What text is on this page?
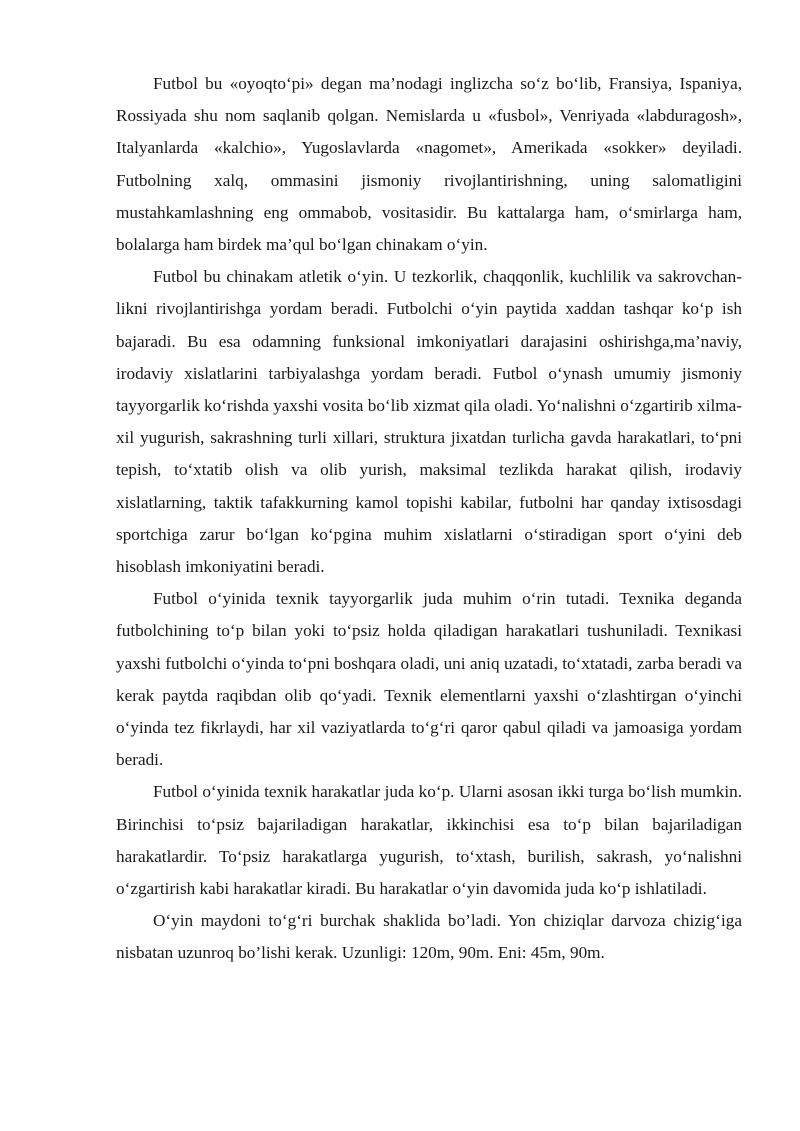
Futbol bu «oyoqto‘pi» degan ma’nodagi inglizcha so‘z bo‘lib, Fransiya, Ispaniya, Rossiyada shu nom saqlanib qolgan. Nemislarda u «fusbol», Venriyada «labduragosh», Italyanlarda «kalchio», Yugoslavlarda «nagomet», Amerikada «sokker» deyiladi. Futbolning xalq, ommasini jismoniy rivojlantirishning, uning salomatligini mustahkamlashning eng ommabob, vositasidir. Bu kattalarga ham, o‘smirlarga ham, bolalarga ham birdek ma’qul bo‘lgan chinakam o‘yin.

Futbol bu chinakam atletik o‘yin. U tezkorlik, chaqqonlik, kuchlilik va sakrovchan-likni rivojlantirishga yordam beradi. Futbolchi o‘yin paytida xaddan tashqar ko‘p ish bajaradi. Bu esa odamning funksional imkoniyatlari darajasini oshirishga,ma’naviy, irodaviy xislatlarini tarbiyalashga yordam beradi. Futbol o‘ynash umumiy jismoniy tayyorgarlik ko‘rishda yaxshi vosita bo‘lib xizmat qila oladi. Yo‘nalishni o‘zgartirib xilma-xil yugurish, sakrashning turli xillari, struktura jixatdan turlicha gavda harakatlari, to‘pni tepish, to‘xtatib olish va olib yurish, maksimal tezlikda harakat qilish, irodaviy xislatlarning, taktik tafakkurning kamol topishi kabilar, futbolni har qanday ixtisosdagi sportchiga zarur bo‘lgan ko‘pgina muhim xislatlarni o‘stiradigan sport o‘yini deb hisoblash imkoniyatini beradi.

Futbol o‘yinida texnik tayyorgarlik juda muhim o‘rin tutadi. Texnika deganda futbolchining to‘p bilan yoki to‘psiz holda qiladigan harakatlari tushuniladi. Texnikasi yaxshi futbolchi o‘yinda to‘pni boshqara oladi, uni aniq uzatadi, to‘xtatadi, zarba beradi va kerak paytda raqibdan olib qo‘yadi. Texnik elementlarni yaxshi o‘zlashtirgan o‘yinchi o‘yinda tez fikrlaydi, har xil vaziyatlarda to‘g‘ri qaror qabul qiladi va jamoasiga yordam beradi.

Futbol o‘yinida texnik harakatlar juda ko‘p. Ularni asosan ikki turga bo‘lish mumkin. Birinchisi to‘psiz bajariladigan harakatlar, ikkinchisi esa to‘p bilan bajariladigan harakatlardir. To‘psiz harakatlarga yugurish, to‘xtash, burilish, sakrash, yo‘nalishni o‘zgartirish kabi harakatlar kiradi. Bu harakatlar o‘yin davomida juda ko‘p ishlatiladi.

O‘yin maydoni to‘g‘ri burchak shaklida bo’ladi. Yon chiziqlar darvoza chizig‘iga nisbatan uzunroq bo’lishi kerak. Uzunligi: 120m, 90m. Eni: 45m, 90m.
